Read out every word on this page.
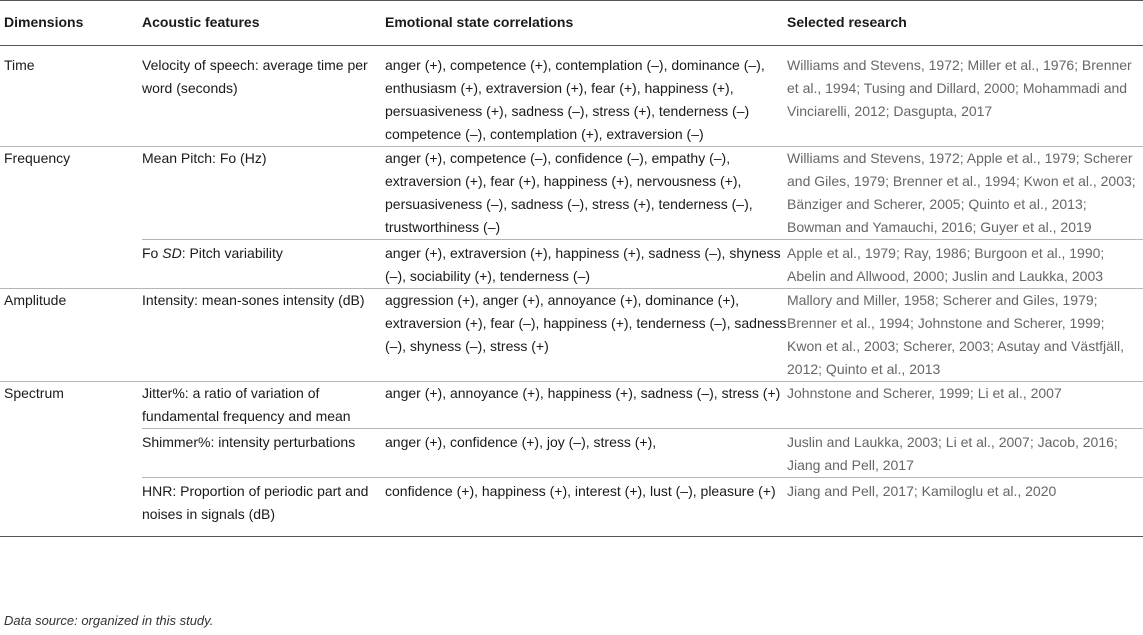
Dimensions	Acoustic features	Emotional state correlations	Selected research
Time	Velocity of speech: average time per word (seconds)	anger (+), competence (+), contemplation (–), dominance (–), enthusiasm (+), extraversion (+), fear (+), happiness (+), persuasiveness (+), sadness (–), stress (+), tenderness (–) competence (–), contemplation (+), extraversion (–)	Williams and Stevens, 1972; Miller et al., 1976; Brenner et al., 1994; Tusing and Dillard, 2000; Mohammadi and Vinciarelli, 2012; Dasgupta, 2017
Frequency	Mean Pitch: Fo (Hz)	anger (+), competence (–), confidence (–), empathy (–), extraversion (+), fear (+), happiness (+), nervousness (+), persuasiveness (–), sadness (–), stress (+), tenderness (–), trustworthiness (–)	Williams and Stevens, 1972; Apple et al., 1979; Scherer and Giles, 1979; Brenner et al., 1994; Kwon et al., 2003; Bänziger and Scherer, 2005; Quinto et al., 2013; Bowman and Yamauchi, 2016; Guyer et al., 2019
	Fo SD: Pitch variability	anger (+), extraversion (+), happiness (+), sadness (–), shyness (–), sociability (+), tenderness (–)	Apple et al., 1979; Ray, 1986; Burgoon et al., 1990; Abelin and Allwood, 2000; Juslin and Laukka, 2003
Amplitude	Intensity: mean-sones intensity (dB)	aggression (+), anger (+), annoyance (+), dominance (+), extraversion (+), fear (–), happiness (+), tenderness (–), sadness (–), shyness (–), stress (+)	Mallory and Miller, 1958; Scherer and Giles, 1979; Brenner et al., 1994; Johnstone and Scherer, 1999; Kwon et al., 2003; Scherer, 2003; Asutay and Västfjäll, 2012; Quinto et al., 2013
Spectrum	Jitter%: a ratio of variation of fundamental frequency and mean	anger (+), annoyance (+), happiness (+), sadness (–), stress (+)	Johnstone and Scherer, 1999; Li et al., 2007
	Shimmer%: intensity perturbations	anger (+), confidence (+), joy (–), stress (+),	Juslin and Laukka, 2003; Li et al., 2007; Jacob, 2016; Jiang and Pell, 2017
	HNR: Proportion of periodic part and noises in signals (dB)	confidence (+), happiness (+), interest (+), lust (–), pleasure (+)	Jiang and Pell, 2017; Kamiloglu et al., 2020
Data source: organized in this study.
